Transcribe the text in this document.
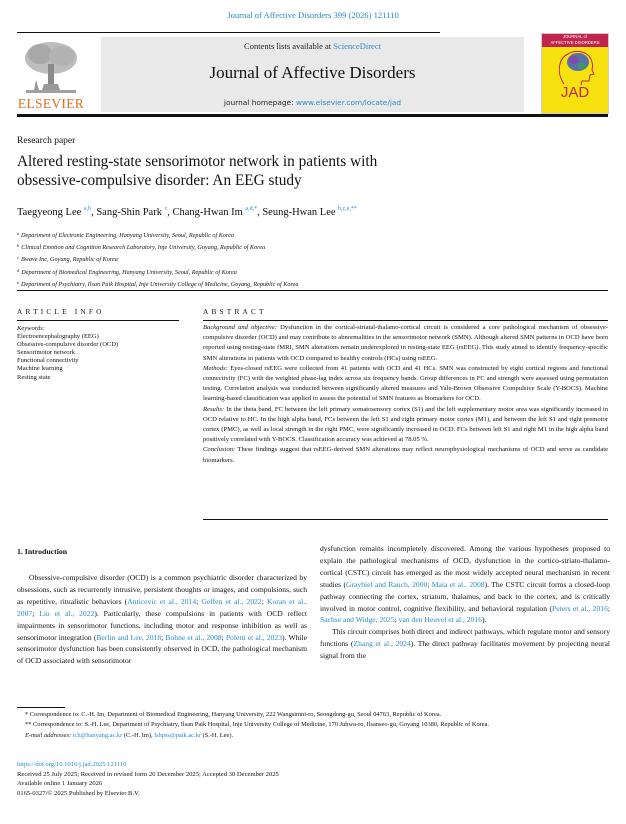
Journal of Affective Disorders 399 (2026) 121110
ELSEVIER
Contents lists available at ScienceDirect
Journal of Affective Disorders
journal homepage: www.elsevier.com/locate/jad
JOURNAL of
AFFECTIVE DISORDERS
JAD
Research paper
Altered resting-state sensorimotor network in patients with obsessive-compulsive disorder: An EEG study
Taegyeong Lee $^{a,b}$, Sang-Shin Park $^c$, Chang-Hwan Im $^{a,d,*}$, Seung-Hwan Lee $^{b,c,e,**}$
$^a$ Department of Electronic Engineering, Hanyang University, Seoul, Republic of Korea
$^b$ Clinical Emotion and Cognition Research Laboratory, Inje University, Goyang, Republic of Korea
$^c$ Bwave Inc, Goyang, Republic of Korea
$^d$ Department of Biomedical Engineering, Hanyang University, Seoul, Republic of Korea
$^e$ Department of Psychiatry, Ilsan Paik Hospital, Inje University College of Medicine, Goyang, Republic of Korea
ARTICLE INFO
Keywords:
Electroencephalography (EEG)
Obsessive-compulsive disorder (OCD)
Sensorimotor network
Functional connectivity
Machine learning
Resting state
ABSTRACT

Background and objective: Dysfunction in the cortical-striatal-thalamo-cortical circuit is considered a core pathological mechanism of obsessive-compulsive disorder (OCD) and may contribute to abnormalities in the sensorimotor network (SMN). Although altered SMN patterns in OCD have been reported using resting-state fMRI, SMN alterations remain underexplored in resting-state EEG (rsEEG). This study aimed to identify frequency-specific SMN alterations in patients with OCD compared to healthy controls (HCs) using rsEEG.

Methods: Eyes-closed rsEEG were collected from 41 patients with OCD and 41 HCs. SMN was constructed by eight cortical regions and functional connectivity (FC) with the weighted phase-lag index across six frequency bands. Group differences in FC and strength were assessed using permutation testing. Correlation analysis was conducted between significantly altered measures and Yale-Brown Obsessive Compulsive Scale (Y-BOCS). Machine learning-based classification was applied to assess the potential of SMN features as biomarkers for OCD.

Results: In the theta band, FC between the left primary somatosensory cortex (S1) and the left supplementary motor area was significantly increased in OCD relative to HC. In the high alpha band, FCs between the left S1 and right primary motor cortex (M1), and between the left S1 and right premotor cortex (PMC), as well as local strength in the right PMC, were significantly increased in OCD. FCs between left S1 and right M1 in the high alpha band positively correlated with Y-BOCS. Classification accuracy was achieved at 78.05 %.

Conclusion: These findings suggest that rsEEG-derived SMN alterations may reflect neurophysiological mechanisms of OCD and serve as candidate biomarkers.

1. Introduction

Obsessive-compulsive disorder (OCD) is a common psychiatric disorder characterized by obsessions, such as recurrently intrusive, persistent thoughts or images, and compulsions, such as repetitive, ritualistic behaviors (Anticevic et al., 2014; Geffen et al., 2022; Koran et al., 2007; Liu et al., 2022). Particularly, these compulsions in patients with OCD reflect impairments in sensorimotor functions, including motor and response inhibition as well as sensorimotor integration (Berlin and Lee, 2018; Bohne et al., 2008; Poletti et al., 2023). While sensorimotor dysfunction has been consistently observed in OCD, the pathological mechanism of OCD associated with sensorimotor

dysfunction remains incompletely discovered. Among the various hypotheses proposed to explain the pathological mechanisms of OCD, dysfunction in the cortico-striato-thalamo-cortical (CSTC) circuit has emerged as the most widely accepted neural mechanism in recent studies (Graybiel and Rauch, 2000; Maia et al., 2008). The CSTC circuit forms a closed-loop pathway connecting the cortex, striatum, thalamus, and back to the cortex, and is critically involved in motor control, cognitive flexibility, and behavioral regulation (Peters et al., 2016; Sachse and Widge, 2025; van den Heuvel et al., 2016).

This circuit comprises both direct and indirect pathways, which regulate motor and sensory functions (Zhang et al., 2024). The direct pathway facilitates movement by projecting neural signal from the

* Correspondence to: C.-H. Im, Department of Biomedical Engineering, Hanyang University, 222 Wangsimni-ro, Seongdong-gu, Seoul 04763, Republic of Korea.

** Correspondence to: S.-H. Lee, Department of Psychiatry, Ilsan Paik Hospital, Inje University College of Medicine, 170 Juhwa-ro, Ilsanseo-gu, Goyang 10380, Republic of Korea.

E-mail addresses: ich@hanyang.ac.kr (C.-H. Im), lshpss@paik.ac.kr (S.-H. Lee).

https://doi.org/10.1016/j.jad.2025.121110

Received 25 July 2025; Received in revised form 26 December 2025; Accepted 30 December 2025

Available online 1 January 2026

0165-0327/© 2025 Published by Elsevier B.V.
